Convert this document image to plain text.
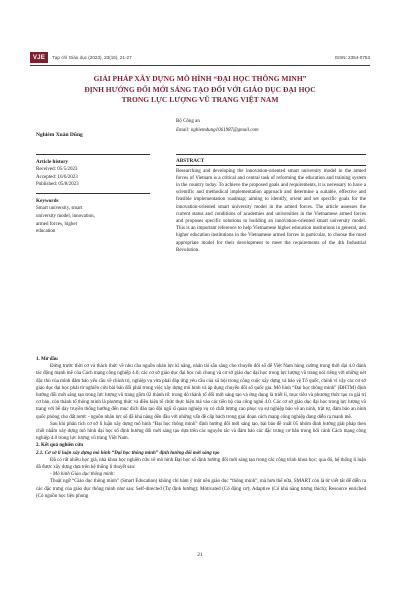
VJE	Tạp chí Giáo dục (2023), 23(15), 21-27	ISSN: 2354-0753
GIẢI PHÁP XÂY DỰNG MÔ HÌNH “ĐẠI HỌC THÔNG MINH”
ĐỊNH HƯỚNG ĐỔI MỚI SÁNG TẠO ĐỐI VỚI GIÁO DỤC ĐẠI HỌC
TRONG LỰC LƯỢNG VŨ TRANG VIỆT NAM
Nghiêm Xuân Dũng
Bộ Công an
Email: nghiemdung1061987@gmail.com
Article history
Received: 05/5/2023
Accepted: 16/6/2023
Published: 05/8/2023
Keywords
Smart university, smart
university model, innovation,
armed forces, higher
education
ABSTRACT
Researching and developing the innovation-oriented smart university model in the armed forces of Vietnam is a critical and central task of reforming the education and training system in the country today. To achieve the proposed goals and requirements, it is necessary to have a scientific and methodical implementation approach and determine a suitable, effective and feasible implementation roadmap; aiming to identify, orient and set specific goals for the innovation-oriented smart university model in the armed forces. The article assesses the current status and conditions of academies and universities in the Vietnamese armed forces and proposes specific solutions to building an innovation-oriented smart university model. This is an important reference to help Vietnamese higher education institutions in general, and higher education institutions in the Vietnamese armed forces in particular, to choose the most appropriate model for their development to meet the requirements of the 4th Industrial Revolution.

1. Mở đầu

Đứng trước thời cơ và thách thức về nhu cầu nguồn nhân lực kĩ năng, nhân tài sẵn sàng cho chuyển đổi số để Việt Nam hùng cường trong thời đại 4.0 đánh tác động mạnh mẽ của Cách mạng công nghiệp 4.0; các cơ sở giáo dục đại học nói chung và cơ sở giáo dục đại học trong lực lượng vũ trang nói riêng với những nét đặc thù của mình đảm bảo yếu cầu về chính trị, nghiệp vụ vừa phải đáp ứng yêu cầu của xã hội trong công cuộc xây dựng và bảo vệ Tổ quốc, chính vì vậy các cơ sở giáo dục đại học phải từ nghiên cứu bài bản đổi phải trong việc xây dựng mô hình và áp dụng chuyển đổi số quốc gia. Mô hình “Đại học thông minh” (ĐHTM) định hướng đổi mới sáng tạo trong lực lượng vũ trang gồm 02 thành tố: trong đó thành tố đổi mới sáng tạo và ứng dụng là triết lí, mục tiêu và phương thức tạo ra giá trị cơ bản, còn thành tố thông minh là phương thức và điều kiện tổ chức thực hiện mà vào các tiền bộ của công nghệ 4.0. Các cơ sở giáo dục đại học trong lực lượng vũ trang với bề dày truyền thống hướng đến mục đích đào tạo đội ngũ sĩ quan nghiệp vụ có chất lượng cao phục vụ sự nghiệp bảo vệ an ninh, trật tự, đảm bảo an ninh quốc phòng cho đất nước - nguồn nhân lực số đã khá năng đến đầu với những vấn đề cấp bách trong giai đoạn cách mạng công nghiệp đang diễn ra mạnh mẽ.

Sau khi phân tích cơ sở lí luận xây dựng mô hình “Đại học thông minh” định hướng đổi mới sáng tạo, bài báo đề xuất 05 nhóm định hướng giải pháp then chốt nhằm xây dựng mô hình đại học số định hướng đổi mới sáng tạo dựa trên các nguyên tắc và đảm bảo các đặc trưng cơ bản trong bối cảnh Cách mạng công nghiệp 4.0 trong lực lượng vũ trang Việt Nam.

2. Kết quả nghiên cứu

2.1. Cơ sở lí luận xây dựng mô hình “Đại học thông minh” định hướng đổi mới sáng tạo

Đã có rất nhiều học giả, nhà khoa học nghiên cứu về mô hình Đại học số định hướng đổi mới sáng tạo trong các công trình khoa học; qua đó, hệ thống lí luận đã được xây dựng dựa trên hệ thống lí thuyết sau:

- Mô hình Giáo dục thông minh:

Thuật ngữ “Giáo dục thông minh” (Smart Education) không chỉ hàm ý một nền giáo dục “thông minh”, mà hơn thế nữa, SMART còn là từ viết tắt để diễn ra các đặc trưng của giáo dục thông minh như sau: Self-directed (Tự định hướng); Motivated (Có động cơ); Adaptive (Có khả năng tương thích); Resource enriched (Có nguồn học liệu phong

21
